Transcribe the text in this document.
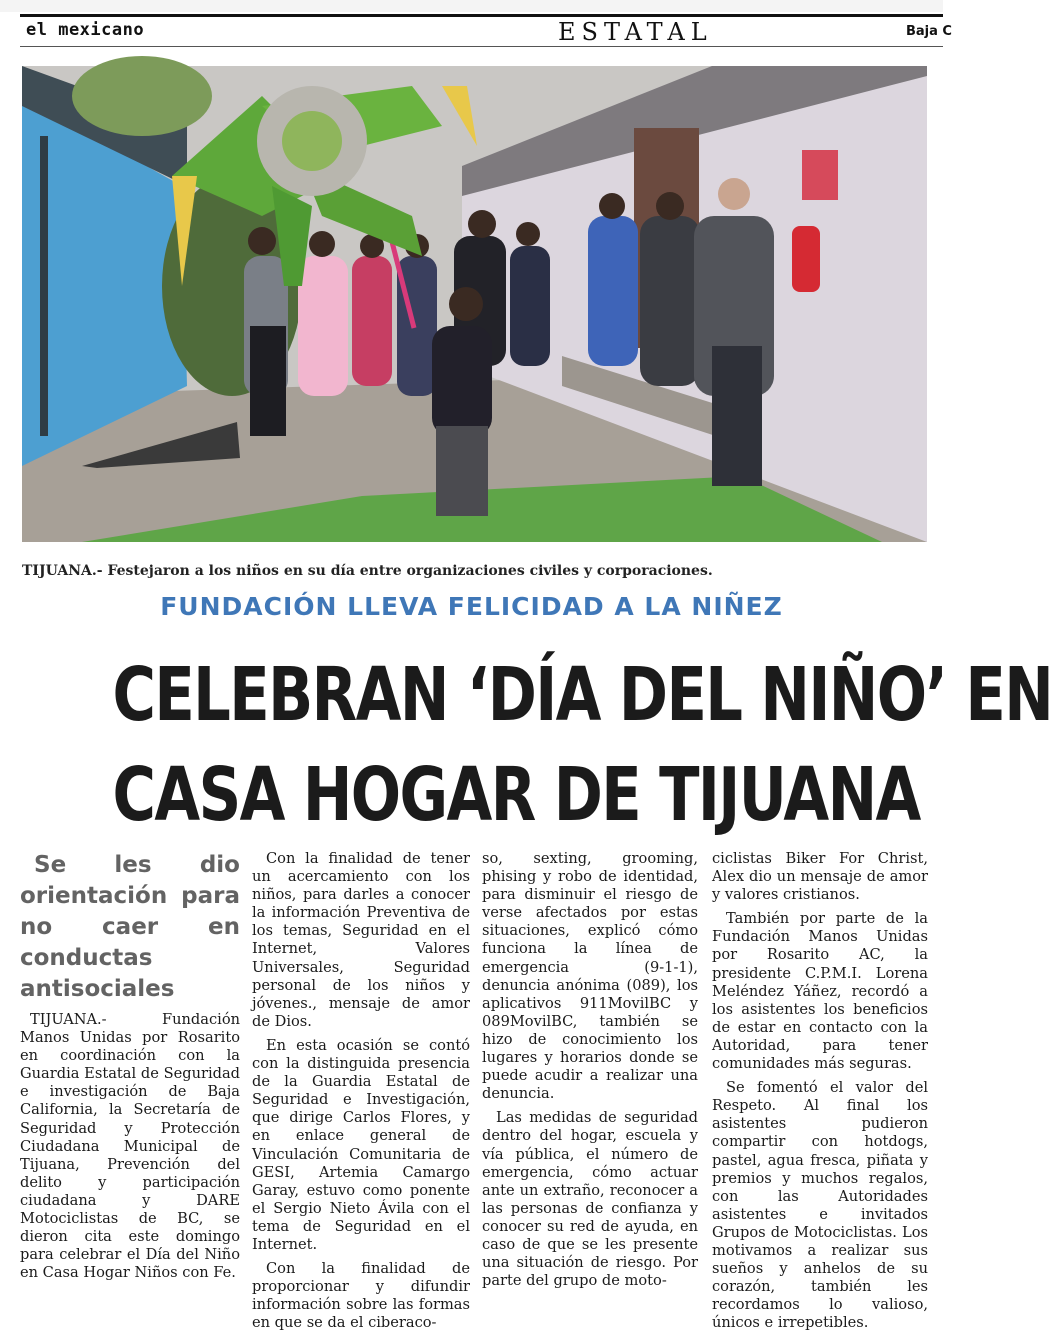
el mexicano	ESTATAL	Baja C
TIJUANA.- Festejaron a los niños en su día entre organizaciones civiles y corporaciones.
FUNDACIÓN LLEVA FELICIDAD A LA NIÑEZ
CELEBRAN ‘DÍA DEL NIÑO’ EN
CASA HOGAR DE TIJUANA

Se les dio orientación para no caer en conductas antisociales

TIJUANA.- Fundación Manos Unidas por Rosarito en coordinación con la Guardia Estatal de Seguridad e investigación de Baja California, la Secretaría de Seguridad y Protección Ciudadana Municipal de Tijuana, Prevención del delito y participación ciudadana y DARE Motociclistas de BC, se dieron cita este domingo para celebrar el Día del Niño en Casa Hogar Niños con Fe.

Con la finalidad de tener un acercamiento con los niños, para darles a conocer la información Preventiva de los temas, Seguridad en el Internet, Valores Universales, Seguridad personal de los niños y jóvenes., mensaje de amor de Dios.

En esta ocasión se contó con la distinguida presencia de la Guardia Estatal de Seguridad e Investigación, que dirige Carlos Flores, y en enlace general de Vinculación Comunitaria de GESI, Artemia Camargo Garay, estuvo como ponente el Sergio Nieto Ávila con el tema de Seguridad en el Internet.

Con la finalidad de proporcionar y difundir información sobre las formas en que se da el ciberaco-

so, sexting, grooming, phising y robo de identidad, para disminuir el riesgo de verse afectados por estas situaciones, explicó cómo funciona la línea de emergencia (9-1-1), denuncia anónima (089), los aplicativos 911MovilBC y 089MovilBC, también se hizo de conocimiento los lugares y horarios donde se puede acudir a realizar una denuncia.

Las medidas de seguridad dentro del hogar, escuela y vía pública, el número de emergencia, cómo actuar ante un extraño, reconocer a las personas de confianza y conocer su red de ayuda, en caso de que se les presente una situación de riesgo. Por parte del grupo de moto-

ciclistas Biker For Christ, Alex dio un mensaje de amor y valores cristianos.

También por parte de la Fundación Manos Unidas por Rosarito AC, la presidente C.P.M.I. Lorena Meléndez Yáñez, recordó a los asistentes los beneficios de estar en contacto con la Autoridad, para tener comunidades más seguras.

Se fomentó el valor del Respeto. Al final los asistentes pudieron compartir con hotdogs, pastel, agua fresca, piñata y premios y muchos regalos, con las Autoridades asistentes e invitados Grupos de Motociclistas. Los motivamos a realizar sus sueños y anhelos de su corazón, también les recordamos lo valioso, únicos e irrepetibles.
